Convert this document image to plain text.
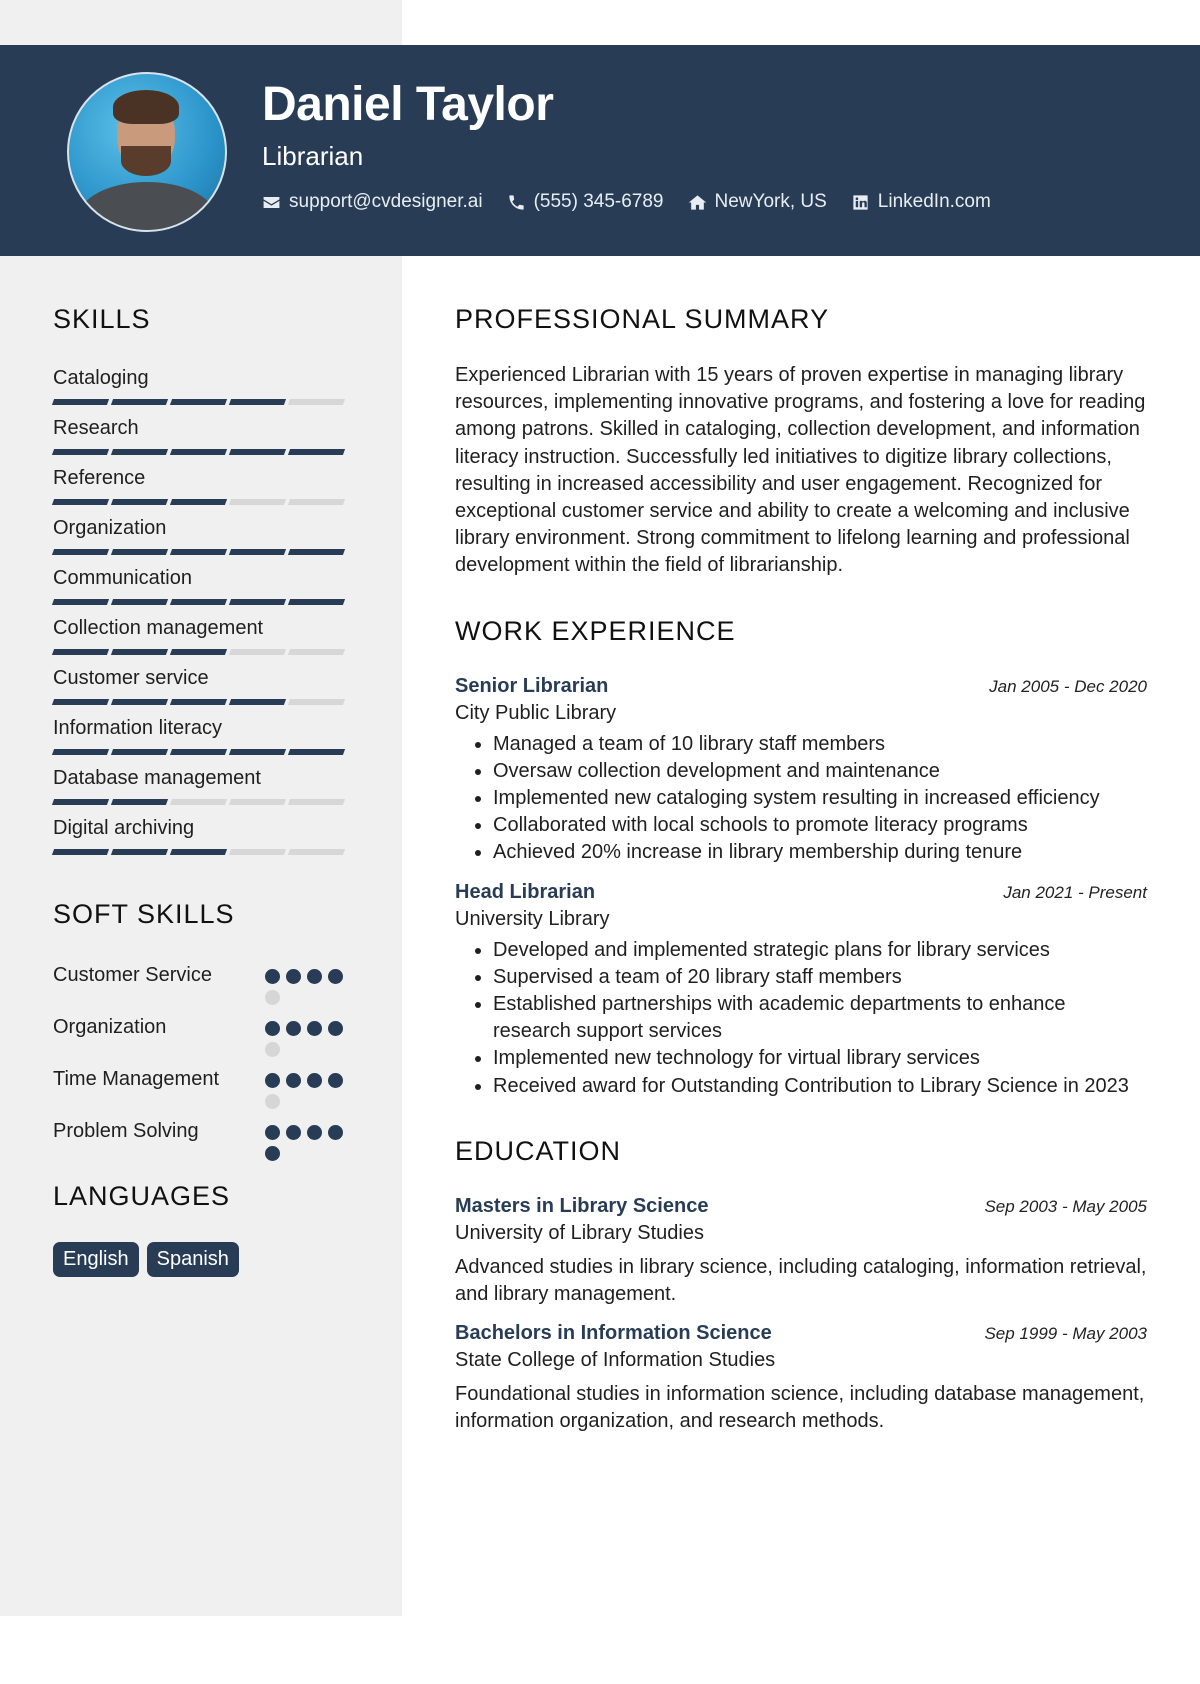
Daniel Taylor
Librarian
support@cvdesigner.ai	(555) 345-6789	NewYork, US	LinkedIn.com
SKILLS
Cataloging
Research
Reference
Organization
Communication
Collection management
Customer service
Information literacy
Database management
Digital archiving
SOFT SKILLS
Customer Service
Organization
Time Management
Problem Solving
LANGUAGES
English	Spanish
PROFESSIONAL SUMMARY

Experienced Librarian with 15 years of proven expertise in managing library resources, implementing innovative programs, and fostering a love for reading among patrons. Skilled in cataloging, collection development, and information literacy instruction. Successfully led initiatives to digitize library collections, resulting in increased accessibility and user engagement. Recognized for exceptional customer service and ability to create a welcoming and inclusive library environment. Strong commitment to lifelong learning and professional development within the field of librarianship.

WORK EXPERIENCE
Senior Librarian	Jan 2005 - Dec 2020
City Public Library
• Managed a team of 10 library staff members
• Oversaw collection development and maintenance
• Implemented new cataloging system resulting in increased efficiency
• Collaborated with local schools to promote literacy programs
• Achieved 20% increase in library membership during tenure
Head Librarian	Jan 2021 - Present
University Library
• Developed and implemented strategic plans for library services
• Supervised a team of 20 library staff members
• Established partnerships with academic departments to enhance research support services
• Implemented new technology for virtual library services
• Received award for Outstanding Contribution to Library Science in 2023
EDUCATION
Masters in Library Science	Sep 2003 - May 2005
University of Library Studies
Advanced studies in library science, including cataloging, information retrieval, and library management.
Bachelors in Information Science	Sep 1999 - May 2003
State College of Information Studies
Foundational studies in information science, including database management, information organization, and research methods.
